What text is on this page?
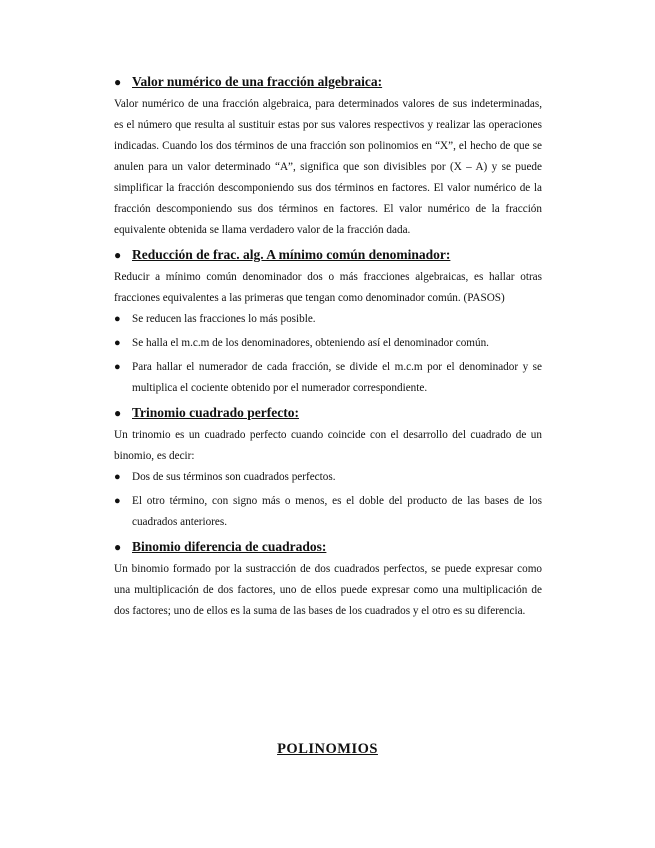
● Valor numérico de una fracción algebraica:

Valor numérico de una fracción algebraica, para determinados valores de sus indeterminadas, es el número que resulta al sustituir estas por sus valores respectivos y realizar las operaciones indicadas. Cuando los dos términos de una fracción son polinomios en “X”, el hecho de que se anulen para un valor determinado “A”, significa que son divisibles por (X – A) y se puede simplificar la fracción descomponiendo sus dos términos en factores. El valor numérico de la fracción descomponiendo sus dos términos en factores. El valor numérico de la fracción equivalente obtenida se llama verdadero valor de la fracción dada.

● Reducción de frac. alg. A mínimo común denominador:

Reducir a mínimo común denominador dos o más fracciones algebraicas, es hallar otras fracciones equivalentes a las primeras que tengan como denominador común. (PASOS)

● Se reducen las fracciones lo más posible.
● Se halla el m.c.m de los denominadores, obteniendo así el denominador común.
● Para hallar el numerador de cada fracción, se divide el m.c.m por el denominador y se multiplica el cociente obtenido por el numerador correspondiente.
● Trinomio cuadrado perfecto:

Un trinomio es un cuadrado perfecto cuando coincide con el desarrollo del cuadrado de un binomio, es decir:

● Dos de sus términos son cuadrados perfectos.
● El otro término, con signo más o menos, es el doble del producto de las bases de los cuadrados anteriores.
● Binomio diferencia de cuadrados:

Un binomio formado por la sustracción de dos cuadrados perfectos, se puede expresar como una multiplicación de dos factores, uno de ellos puede expresar como una multiplicación de dos factores; uno de ellos es la suma de las bases de los cuadrados y el otro es su diferencia.

POLINOMIOS
